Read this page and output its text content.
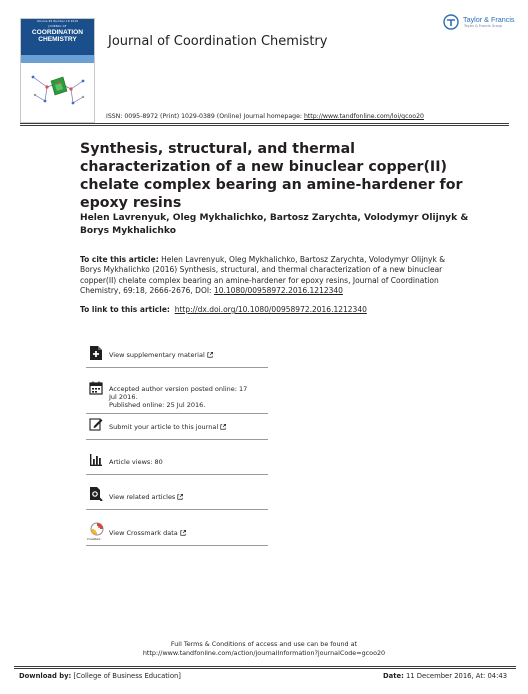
Volume 69 Number 18 2016
JOURNAL OF
COORDINATION
CHEMISTRY	Journal of Coordination Chemistry
Taylor & Francis
Taylor & Francis Group
ISSN: 0095-8972 (Print) 1029-0389 (Online) Journal homepage: http://www.tandfonline.com/loi/gcoo20
Synthesis, structural, and thermal characterization of a new binuclear copper(II) chelate complex bearing an amine-hardener for epoxy resins
Helen Lavrenyuk, Oleg Mykhalichko, Bartosz Zarychta, Volodymyr Olijnyk & Borys Mykhalichko
To cite this article: Helen Lavrenyuk, Oleg Mykhalichko, Bartosz Zarychta, Volodymyr Olijnyk & Borys Mykhalichko (2016) Synthesis, structural, and thermal characterization of a new binuclear copper(II) chelate complex bearing an amine-hardener for epoxy resins, Journal of Coordination Chemistry, 69:18, 2666-2676, DOI: 10.1080/00958972.2016.1212340
To link to this article: http://dx.doi.org/10.1080/00958972.2016.1212340
View supplementary material
Accepted author version posted online: 17
Jul 2016.
Published online: 25 Jul 2016.
Submit your article to this journal
Article views: 80
View related articles
CrossMark
View Crossmark data
Full Terms & Conditions of access and use can be found at
http://www.tandfonline.com/action/journalInformation?journalCode=gcoo20
Download by: [College of Business Education]	Date: 11 December 2016, At: 04:43
